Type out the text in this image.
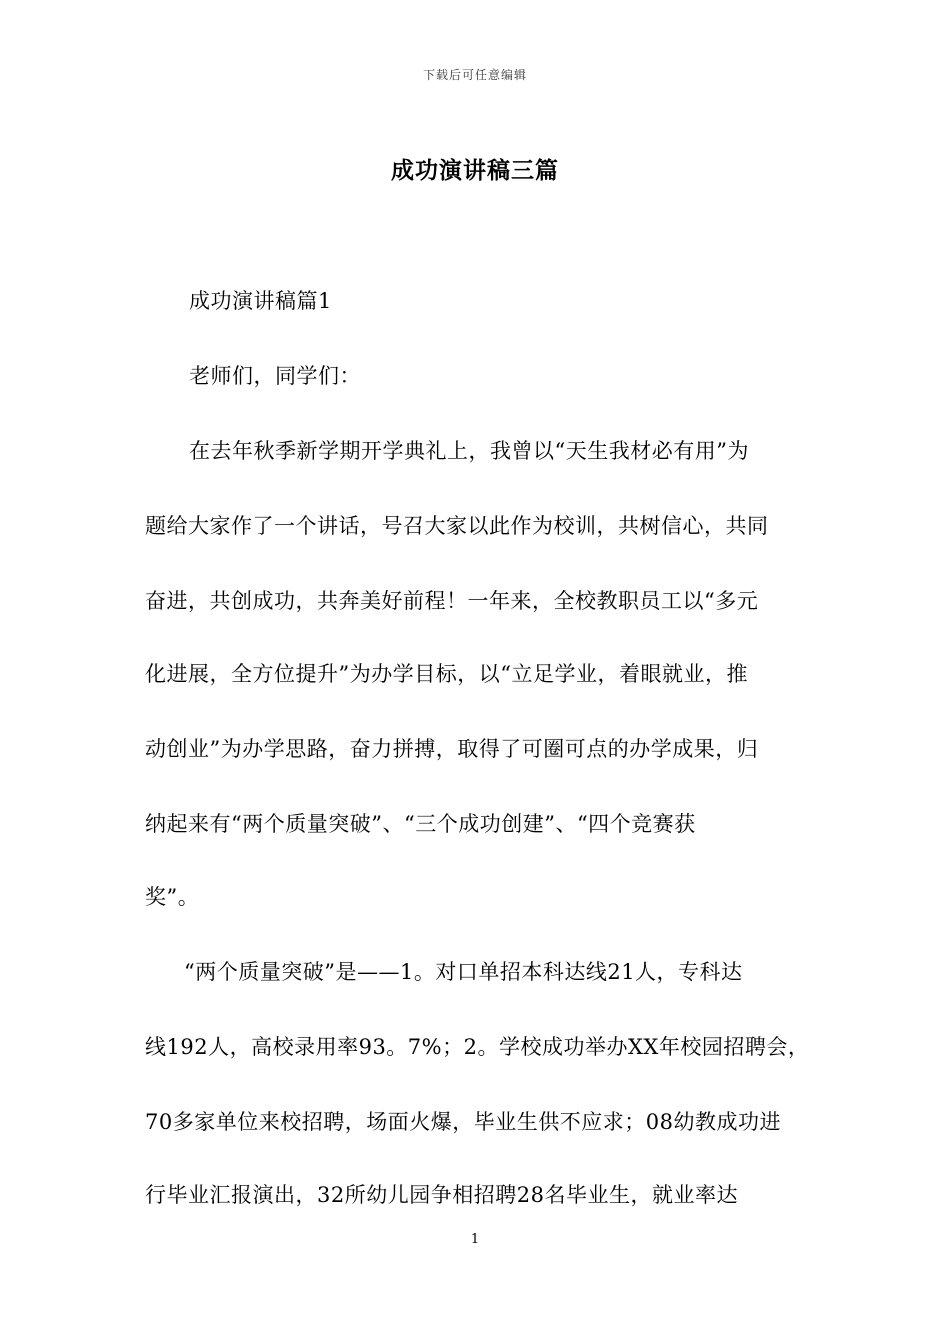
下载后可任意编辑
成功演讲稿三篇
成功演讲稿篇1
老师们，同学们：
在去年秋季新学期开学典礼上，我曾以“天生我材必有用”为
题给大家作了一个讲话，号召大家以此作为校训，共树信心，共同
奋进，共创成功，共奔美好前程！一年来，全校教职员工以“多元
化进展，全方位提升”为办学目标，以“立足学业，着眼就业，推
动创业”为办学思路，奋力拼搏，取得了可圈可点的办学成果，归
纳起来有“两个质量突破”、“三个成功创建”、“四个竞赛获
奖”。
“两个质量突破”是——1。对口单招本科达线21人，专科达
线192人，高校录用率93。7%；2。学校成功举办XX年校园招聘会，
70多家单位来校招聘，场面火爆，毕业生供不应求；08幼教成功进
行毕业汇报演出，32所幼儿园争相招聘28名毕业生，就业率达
1
